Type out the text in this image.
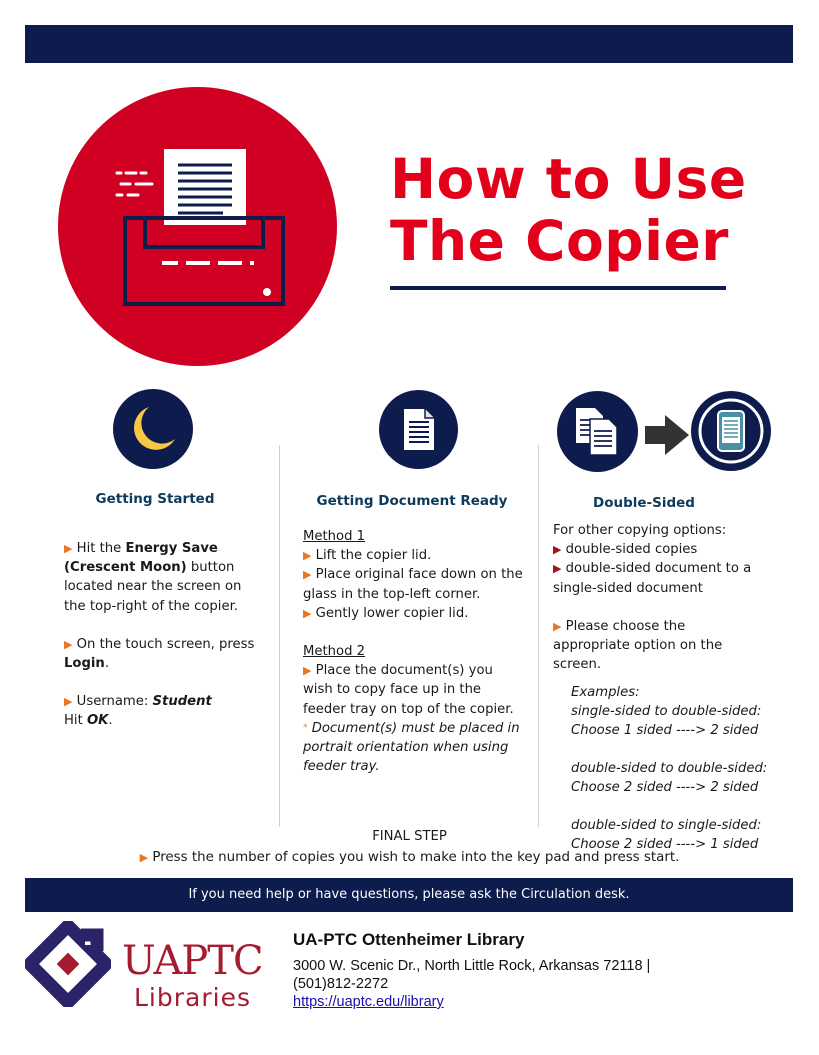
How to Use
The Copier
Getting Started	Getting Document Ready	Double-Sided
▶ Hit the Energy Save (Crescent Moon) button located near the screen on the top-right of the copier.
▶ On the touch screen, press Login.
▶ Username: Student
Hit OK.
Method 1
▶ Lift the copier lid.
▶ Place original face down on the glass in the top-left corner.
▶ Gently lower copier lid.
Method 2
▶ Place the document(s) you wish to copy face up in the feeder tray on top of the copier.
* Document(s) must be placed in portrait orientation when using feeder tray.
For other copying options:
▶ double-sided copies
▶ double-sided document to a single-sided document
▶ Please choose the appropriate option on the screen.
Examples:
single-sided to double-sided:
Choose 1 sided ----> 2 sided
double-sided to double-sided:
Choose 2 sided ----> 2 sided
double-sided to single-sided:
Choose 2 sided ----> 1 sided
FINAL STEP
▶ Press the number of copies you wish to make into the key pad and press start.
If you need help or have questions, please ask the Circulation desk.
UAPTC
Libraries
UA-PTC Ottenheimer Library
3000 W. Scenic Dr., North Little Rock, Arkansas 72118 |
(501)812-2272
https://uaptc.edu/library
